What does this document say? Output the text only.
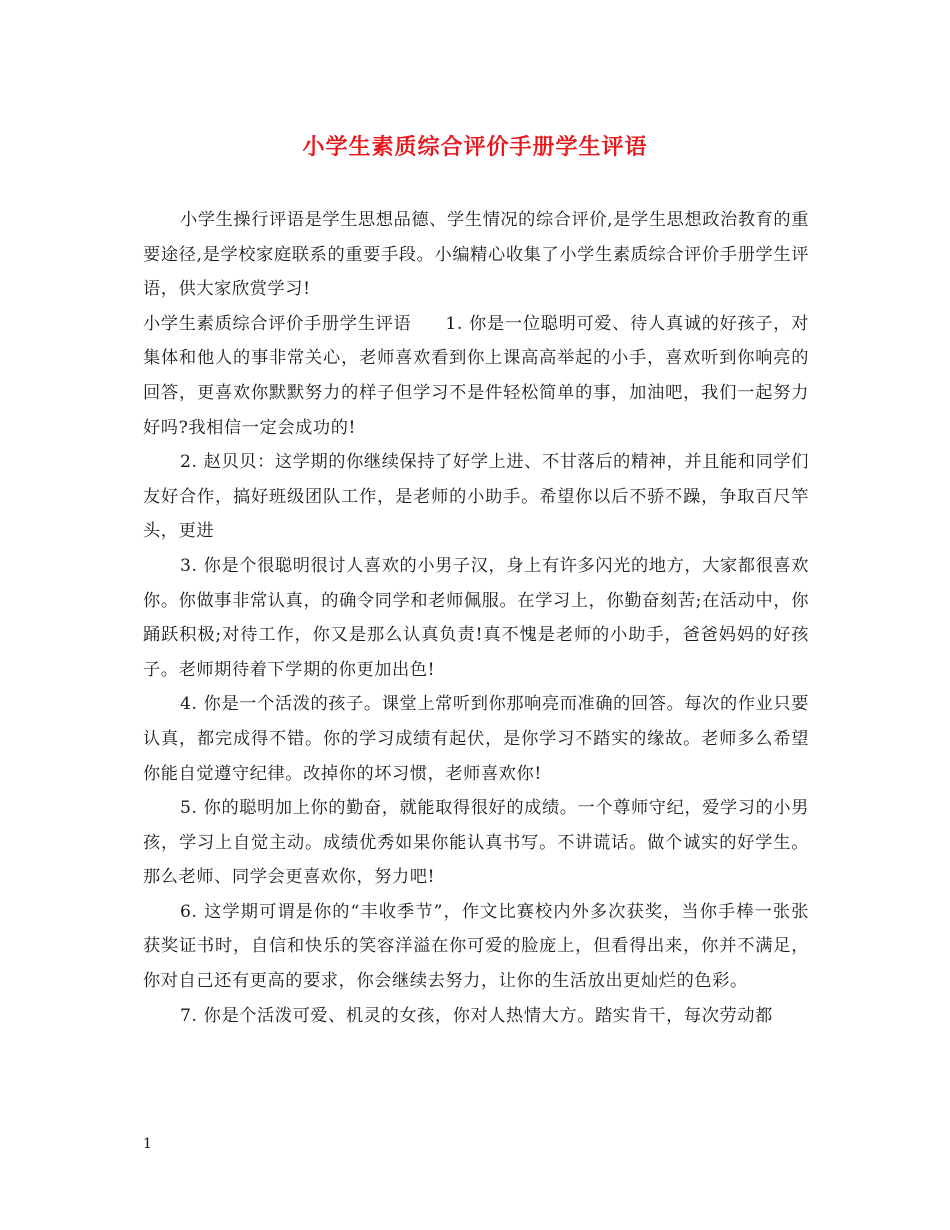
小学生素质综合评价手册学生评语

小学生操行评语是学生思想品德、学生情况的综合评价,是学生思想政治教育的重要途径,是学校家庭联系的重要手段。小编精心收集了小学生素质综合评价手册学生评语，供大家欣赏学习!

小学生素质综合评价手册学生评语 1. 你是一位聪明可爱、待人真诚的好孩子，对集体和他人的事非常关心，老师喜欢看到你上课高高举起的小手，喜欢听到你响亮的回答，更喜欢你默默努力的样子但学习不是件轻松简单的事，加油吧，我们一起努力好吗?我相信一定会成功的!

2. 赵贝贝：这学期的你继续保持了好学上进、不甘落后的精神，并且能和同学们友好合作，搞好班级团队工作，是老师的小助手。希望你以后不骄不躁，争取百尺竿头，更进

3. 你是个很聪明很讨人喜欢的小男子汉，身上有许多闪光的地方，大家都很喜欢你。你做事非常认真，的确令同学和老师佩服。在学习上，你勤奋刻苦;在活动中，你踊跃积极;对待工作，你又是那么认真负责!真不愧是老师的小助手，爸爸妈妈的好孩子。老师期待着下学期的你更加出色!

4. 你是一个活泼的孩子。课堂上常听到你那响亮而准确的回答。每次的作业只要认真，都完成得不错。你的学习成绩有起伏，是你学习不踏实的缘故。老师多么希望你能自觉遵守纪律。改掉你的坏习惯，老师喜欢你!

5. 你的聪明加上你的勤奋，就能取得很好的成绩。一个尊师守纪，爱学习的小男孩，学习上自觉主动。成绩优秀如果你能认真书写。不讲谎话。做个诚实的好学生。那么老师、同学会更喜欢你，努力吧!

6. 这学期可谓是你的“丰收季节”，作文比赛校内外多次获奖，当你手棒一张张获奖证书时，自信和快乐的笑容洋溢在你可爱的脸庞上，但看得出来，你并不满足，你对自己还有更高的要求，你会继续去努力，让你的生活放出更灿烂的色彩。

7. 你是个活泼可爱、机灵的女孩，你对人热情大方。踏实肯干，每次劳动都

1
